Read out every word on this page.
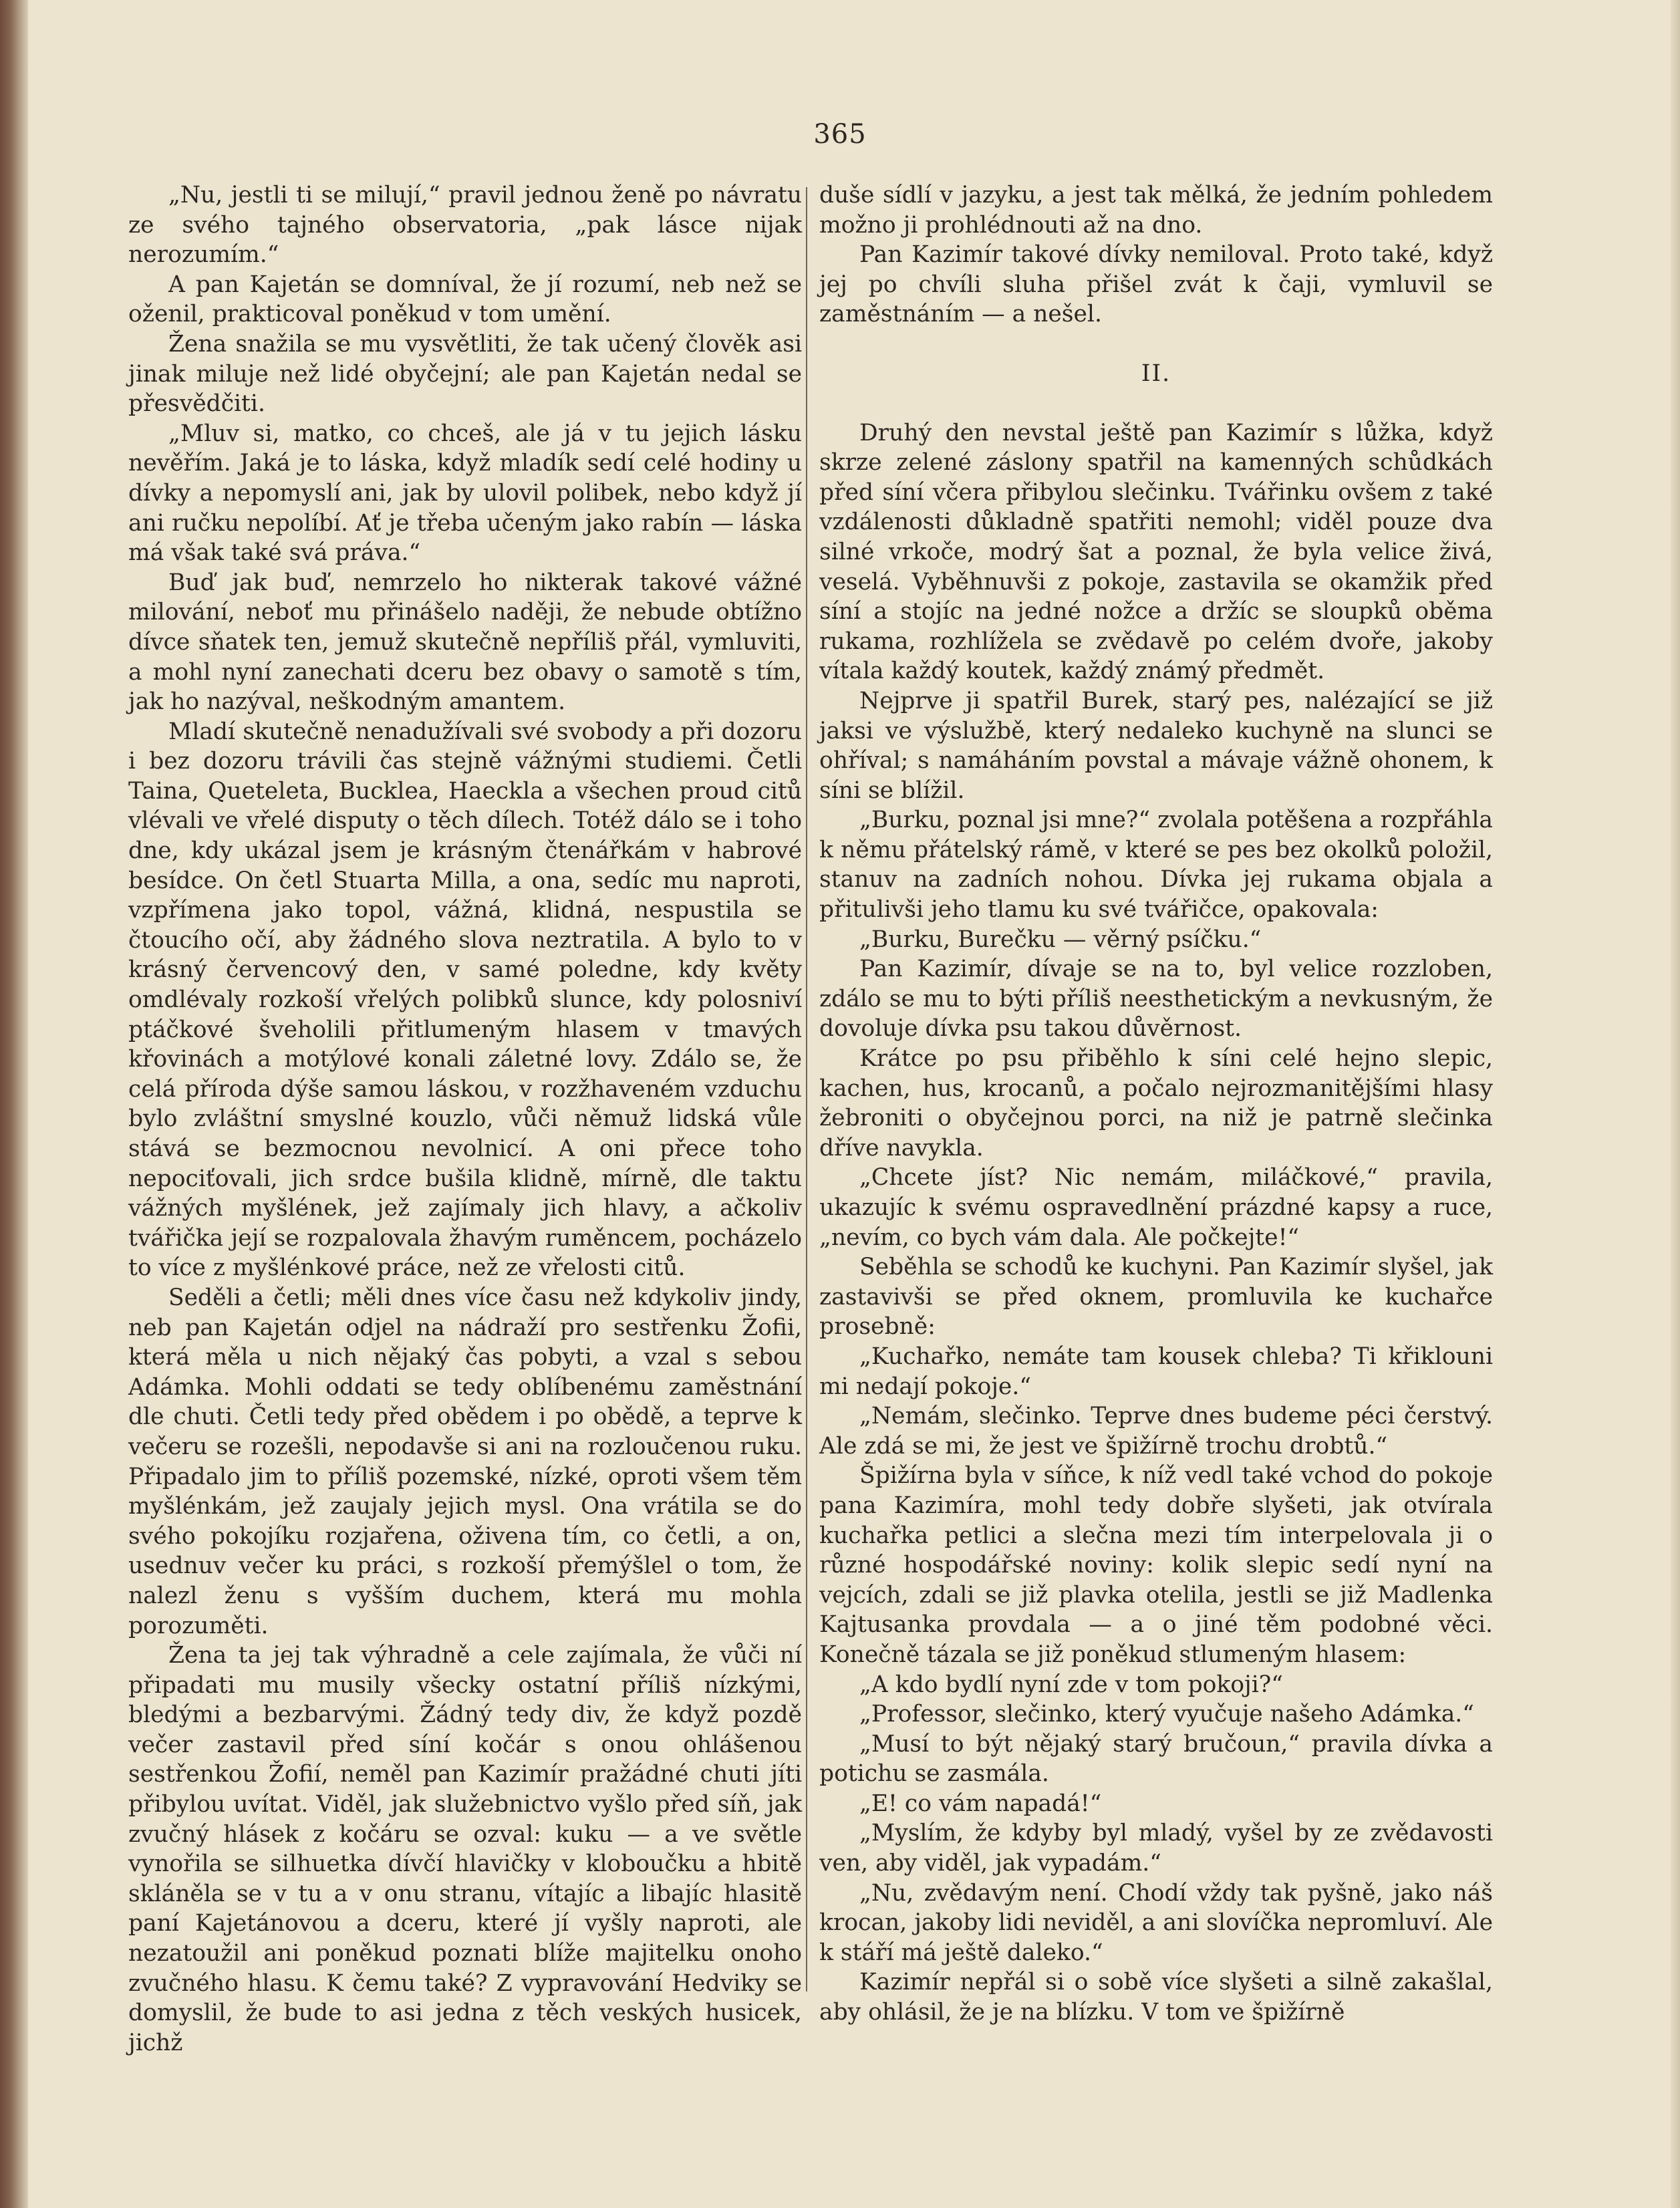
365

„Nu, jestli ti se milují,“ pravil jednou ženě po návratu ze svého tajného observatoria, „pak lásce nijak nerozumím.“

A pan Kajetán se domníval, že jí rozumí, neb než se oženil, prakticoval poněkud v tom umění.

Žena snažila se mu vysvětliti, že tak učený člověk asi jinak miluje než lidé obyčejní; ale pan Kajetán nedal se přesvědčiti.

„Mluv si, matko, co chceš, ale já v tu jejich lásku nevěřím. Jaká je to láska, když mladík sedí celé hodiny u dívky a nepomyslí ani, jak by ulovil polibek, nebo když jí ani ručku nepolíbí. Ať je třeba učeným jako rabín — láska má však také svá práva.“

Buď jak buď, nemrzelo ho nikterak takové vážné milování, neboť mu přinášelo naději, že nebude obtížno dívce sňatek ten, jemuž skutečně nepříliš přál, vymluviti, a mohl nyní zanechati dceru bez obavy o samotě s tím, jak ho nazýval, neškodným amantem.

Mladí skutečně nenadužívali své svobody a při dozoru i bez dozoru trávili čas stejně vážnými studiemi. Četli Taina, Queteleta, Bucklea, Haeckla a všechen proud citů vlévali ve vřelé disputy o těch dílech. Totéž dálo se i toho dne, kdy ukázal jsem je krásným čtenářkám v habrové besídce. On četl Stuarta Milla, a ona, sedíc mu naproti, vzpřímena jako topol, vážná, klidná, nespustila se čtoucího očí, aby žádného slova neztratila. A bylo to v krásný červencový den, v samé poledne, kdy květy omdlévaly rozkoší vřelých polibků slunce, kdy polosniví ptáčkové šveholili přitlumeným hlasem v tmavých křovinách a motýlové konali záletné lovy. Zdálo se, že celá příroda dýše samou láskou, v rozžhaveném vzduchu bylo zvláštní smyslné kouzlo, vůči němuž lidská vůle stává se bezmocnou nevolnicí. A oni přece toho nepociťovali, jich srdce bušila klidně, mírně, dle taktu vážných myšlének, jež zajímaly jich hlavy, a ačkoliv tvářička její se rozpalovala žhavým ruměncem, pocházelo to více z myšlénkové práce, než ze vřelosti citů.

Seděli a četli; měli dnes více času než kdykoliv jindy, neb pan Kajetán odjel na nádraží pro sestřenku Žofii, která měla u nich nějaký čas pobyti, a vzal s sebou Adámka. Mohli oddati se tedy oblíbenému zaměstnání dle chuti. Četli tedy před obědem i po obědě, a teprve k večeru se rozešli, nepodavše si ani na rozloučenou ruku. Připadalo jim to příliš pozemské, nízké, oproti všem těm myšlénkám, jež zaujaly jejich mysl. Ona vrátila se do svého pokojíku rozjařena, oživena tím, co četli, a on, usednuv večer ku práci, s rozkoší přemýšlel o tom, že nalezl ženu s vyšším duchem, která mu mohla porozuměti.

Žena ta jej tak výhradně a cele zajímala, že vůči ní připadati mu musily všecky ostatní příliš nízkými, bledými a bezbarvými. Žádný tedy div, že když pozdě večer zastavil před síní kočár s onou ohlášenou sestřenkou Žofií, neměl pan Kazimír pražádné chuti jíti přibylou uvítat. Viděl, jak služebnictvo vyšlo před síň, jak zvučný hlásek z kočáru se ozval: kuku — a ve světle vynořila se silhuetka dívčí hlavičky v kloboučku a hbitě skláněla se v tu a v onu stranu, vítajíc a libajíc hlasitě paní Kajetánovou a dceru, které jí vyšly naproti, ale nezatoužil ani poněkud poznati blíže majitelku onoho zvučného hlasu. K čemu také? Z vypravování Hedviky se domyslil, že bude to asi jedna z těch veských husicek, jichž

duše sídlí v jazyku, a jest tak mělká, že jedním pohledem možno ji prohlédnouti až na dno.

Pan Kazimír takové dívky nemiloval. Proto také, když jej po chvíli sluha přišel zvát k čaji, vymluvil se zaměstnáním — a nešel.

II.

Druhý den nevstal ještě pan Kazimír s lůžka, když skrze zelené záslony spatřil na kamenných schůdkách před síní včera přibylou slečinku. Tvářinku ovšem z také vzdálenosti důkladně spatřiti nemohl; viděl pouze dva silné vrkoče, modrý šat a poznal, že byla velice živá, veselá. Vyběhnuvši z pokoje, zastavila se okamžik před síní a stojíc na jedné nožce a držíc se sloupků oběma rukama, rozhlížela se zvědavě po celém dvoře, jakoby vítala každý koutek, každý známý předmět.

Nejprve ji spatřil Burek, starý pes, nalézající se již jaksi ve výslužbě, který nedaleko kuchyně na slunci se ohříval; s namáháním povstal a mávaje vážně ohonem, k síni se blížil.

„Burku, poznal jsi mne?“ zvolala potěšena a rozpřáhla k němu přátelský rámě, v které se pes bez okolků položil, stanuv na zadních nohou. Dívka jej rukama objala a přitulivši jeho tlamu ku své tvářičce, opakovala:

„Burku, Burečku — věrný psíčku.“

Pan Kazimír, dívaje se na to, byl velice rozzloben, zdálo se mu to býti příliš neesthetickým a nevkusným, že dovoluje dívka psu takou důvěrnost.

Krátce po psu přiběhlo k síni celé hejno slepic, kachen, hus, krocanů, a počalo nejrozmanitějšími hlasy žebroniti o obyčejnou porci, na niž je patrně slečinka dříve navykla.

„Chcete jíst? Nic nemám, miláčkové,“ pravila, ukazujíc k svému ospravedlnění prázdné kapsy a ruce, „nevím, co bych vám dala. Ale počkejte!“

Seběhla se schodů ke kuchyni. Pan Kazimír slyšel, jak zastavivši se před oknem, promluvila ke kuchařce prosebně:

„Kuchařko, nemáte tam kousek chleba? Ti křiklouni mi nedají pokoje.“

„Nemám, slečinko. Teprve dnes budeme péci čerstvý. Ale zdá se mi, že jest ve špižírně trochu drobtů.“

Špižírna byla v síňce, k níž vedl také vchod do pokoje pana Kazimíra, mohl tedy dobře slyšeti, jak otvírala kuchařka petlici a slečna mezi tím interpelovala ji o různé hospodářské noviny: kolik slepic sedí nyní na vejcích, zdali se již plavka otelila, jestli se již Madlenka Kajtusanka provdala — a o jiné těm podobné věci. Konečně tázala se již poněkud stlumeným hlasem:

„A kdo bydlí nyní zde v tom pokoji?“

„Professor, slečinko, který vyučuje našeho Adámka.“

„Musí to být nějaký starý bručoun,“ pravila dívka a potichu se zasmála.

„E! co vám napadá!“

„Myslím, že kdyby byl mladý, vyšel by ze zvědavosti ven, aby viděl, jak vypadám.“

„Nu, zvědavým není. Chodí vždy tak pyšně, jako náš krocan, jakoby lidi neviděl, a ani slovíčka nepromluví. Ale k stáří má ještě daleko.“

Kazimír nepřál si o sobě více slyšeti a silně zakašlal, aby ohlásil, že je na blízku. V tom ve špižírně
